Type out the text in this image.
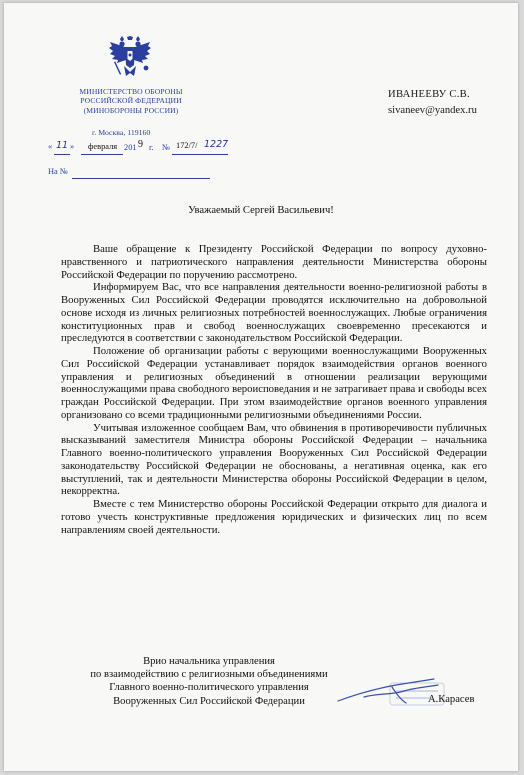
МИНИСТЕРСТВО ОБОРОНЫ
РОССИЙСКОЙ ФЕДЕРАЦИИ
(МИНОБОРОНЫ РОССИИ)
г. Москва, 119160
« 11 » февраля 201 9 г. № 172/7/ 1227
На №
ИВАНЕЕВУ С.В.
sivaneev@yandex.ru
Уважаемый Сергей Васильевич!

Ваше обращение к Президенту Российской Федерации по вопросу духовно-нравственного и патриотического направления деятельности Министерства обороны Российской Федерации по поручению рассмотрено.

Информируем Вас, что все направления деятельности военно-религиозной работы в Вооруженных Сил Российской Федерации проводятся исключительно на добровольной основе исходя из личных религиозных потребностей военнослужащих. Любые ограничения конституционных прав и свобод военнослужащих своевременно пресекаются и преследуются в соответствии с законодательством Российской Федерации.

Положение об организации работы с верующими военнослужащими Вооруженных Сил Российской Федерации устанавливает порядок взаимодействия органов военного управления и религиозных объединений в отношении реализации верующими военнослужащими права свободного вероисповедания и не затрагивает права и свободы всех граждан Российской Федерации. При этом взаимодействие органов военного управления организовано со всеми традиционными религиозными объединениями России.

Учитывая изложенное сообщаем Вам, что обвинения в противоречивости публичных высказываний заместителя Министра обороны Российской Федерации – начальника Главного военно-политического управления Вооруженных Сил Российской Федерации законодательству Российской Федерации не обоснованы, а негативная оценка, как его выступлений, так и деятельности Министерства обороны Российской Федерации в целом, некорректна.

Вместе с тем Министерство обороны Российской Федерации открыто для диалога и готово учесть конструктивные предложения юридических и физических лиц по всем направлениям своей деятельности.

Врио начальника управления
по взаимодействию с религиозными объединениями
Главного военно-политического управления
Вооруженных Сил Российской Федерации	А.Карасев
